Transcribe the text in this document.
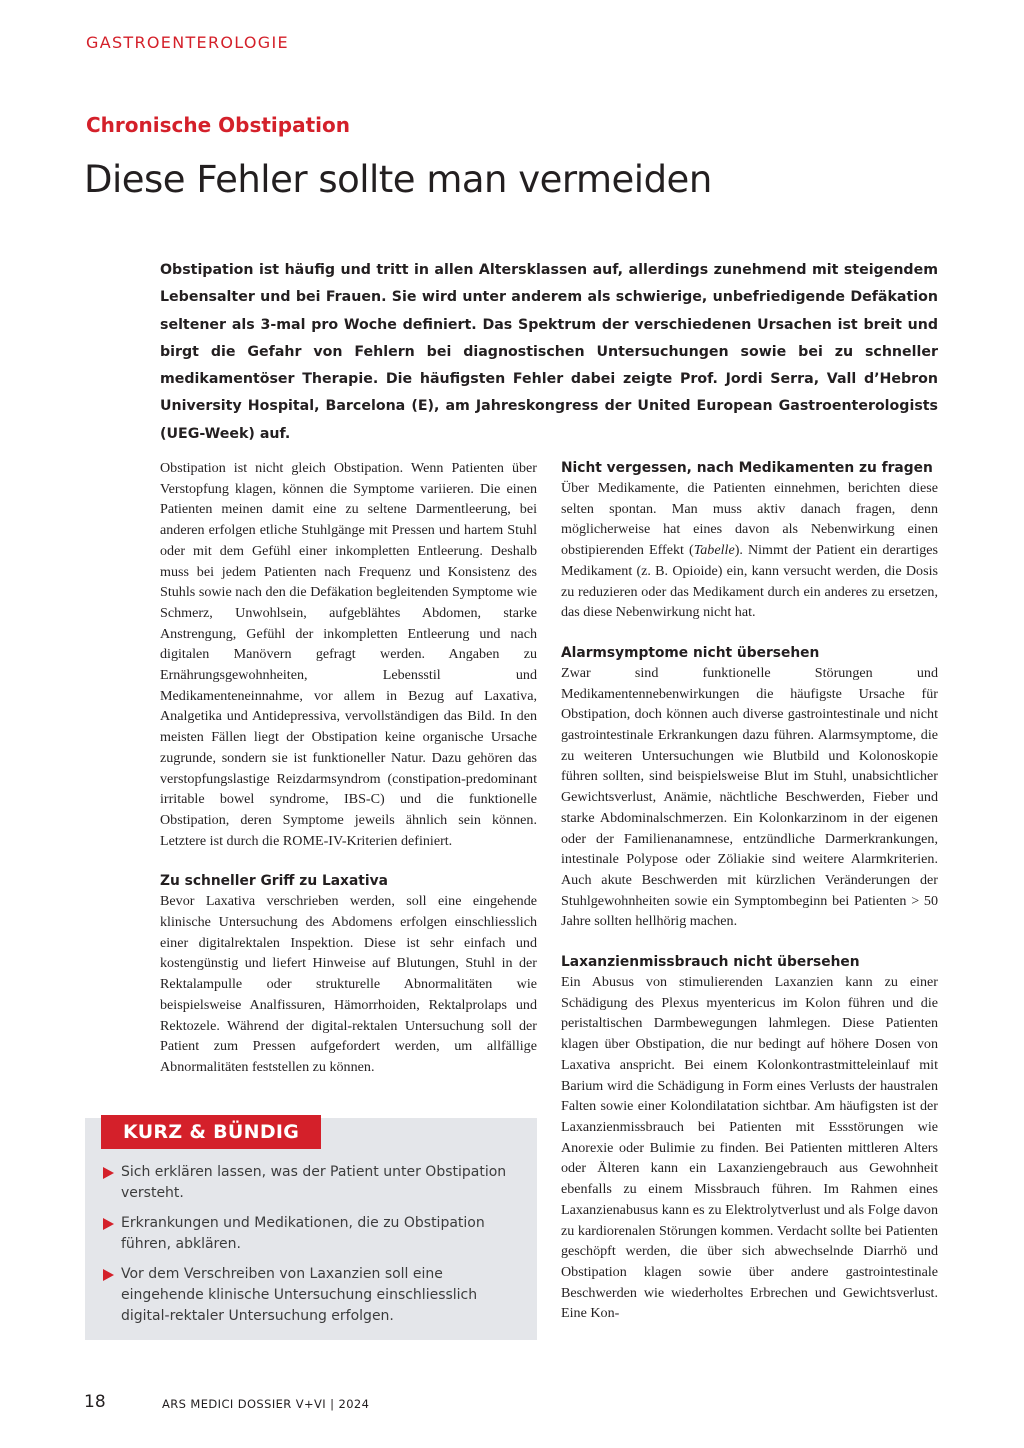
GASTROENTEROLOGIE
Chronische Obstipation
Diese Fehler sollte man vermeiden

Obstipation ist häufig und tritt in allen Altersklassen auf, allerdings zunehmend mit steigendem Lebensalter und bei Frauen. Sie wird unter anderem als schwierige, unbefriedigende Defäkation seltener als 3-mal pro Woche definiert. Das Spektrum der verschiedenen Ursachen ist breit und birgt die Gefahr von Fehlern bei diagnostischen Untersuchungen sowie bei zu schneller medikamentöser Therapie. Die häufigsten Fehler dabei zeigte Prof. Jordi Serra, Vall d’Hebron University Hospital, Barcelona (E), am Jahreskongress der United European Gastroenterologists (UEG-Week) auf.

Obstipation ist nicht gleich Obstipation. Wenn Patienten über Verstopfung klagen, können die Symptome variieren. Die einen Patienten meinen damit eine zu seltene Darmentleerung, bei anderen erfolgen etliche Stuhlgänge mit Pressen und hartem Stuhl oder mit dem Gefühl einer inkompletten Entleerung. Deshalb muss bei jedem Patienten nach Frequenz und Konsistenz des Stuhls sowie nach den die Defäkation begleitenden Symptome wie Schmerz, Unwohlsein, aufgeblähtes Abdomen, starke Anstrengung, Gefühl der inkompletten Entleerung und nach digitalen Manövern gefragt werden. Angaben zu Ernährungsgewohnheiten, Lebensstil und Medikamenteneinnahme, vor allem in Bezug auf Laxativa, Analgetika und Antidepressiva, vervollständigen das Bild. In den meisten Fällen liegt der Obstipation keine organische Ursache zugrunde, sondern sie ist funktioneller Natur. Dazu gehören das verstopfungslastige Reizdarmsyndrom (constipation-predominant irritable bowel syndrome, IBS-C) und die funktionelle Obstipation, deren Symptome jeweils ähnlich sein können. Letztere ist durch die ROME-IV-Kriterien definiert.

Zu schneller Griff zu Laxativa

Bevor Laxativa verschrieben werden, soll eine eingehende klinische Untersuchung des Abdomens erfolgen einschliesslich einer digitalrektalen Inspektion. Diese ist sehr einfach und kostengünstig und liefert Hinweise auf Blutungen, Stuhl in der Rektalampulle oder strukturelle Abnormalitäten wie beispielsweise Analfissuren, Hämorrhoiden, Rektalprolaps und Rektozele. Während der digital-rektalen Untersuchung soll der Patient zum Pressen aufgefordert werden, um allfällige Abnormalitäten feststellen zu können.

Nicht vergessen, nach Medikamenten zu fragen

Über Medikamente, die Patienten einnehmen, berichten diese selten spontan. Man muss aktiv danach fragen, denn möglicherweise hat eines davon als Nebenwirkung einen obstipierenden Effekt (Tabelle). Nimmt der Patient ein derartiges Medikament (z. B. Opioide) ein, kann versucht werden, die Dosis zu reduzieren oder das Medikament durch ein anderes zu ersetzen, das diese Nebenwirkung nicht hat.

Alarmsymptome nicht übersehen

Zwar sind funktionelle Störungen und Medikamentennebenwirkungen die häufigste Ursache für Obstipation, doch können auch diverse gastrointestinale und nicht gastrointestinale Erkrankungen dazu führen. Alarmsymptome, die zu weiteren Untersuchungen wie Blutbild und Kolonoskopie führen sollten, sind beispielsweise Blut im Stuhl, unabsichtlicher Gewichtsverlust, Anämie, nächtliche Beschwerden, Fieber und starke Abdominalschmerzen. Ein Kolonkarzinom in der eigenen oder der Familienanamnese, entzündliche Darmerkrankungen, intestinale Polypose oder Zöliakie sind weitere Alarmkriterien. Auch akute Beschwerden mit kürzlichen Veränderungen der Stuhlgewohnheiten sowie ein Symptombeginn bei Patienten > 50 Jahre sollten hellhörig machen.

Laxanzienmissbrauch nicht übersehen

Ein Abusus von stimulierenden Laxanzien kann zu einer Schädigung des Plexus myentericus im Kolon führen und die peristaltischen Darmbewegungen lahmlegen. Diese Patienten klagen über Obstipation, die nur bedingt auf höhere Dosen von Laxativa anspricht. Bei einem Kolonkontrastmitteleinlauf mit Barium wird die Schädigung in Form eines Verlusts der haustralen Falten sowie einer Kolondilatation sichtbar. Am häufigsten ist der Laxanzienmissbrauch bei Patienten mit Essstörungen wie Anorexie oder Bulimie zu finden. Bei Patienten mittleren Alters oder Älteren kann ein Laxanziengebrauch aus Gewohnheit ebenfalls zu einem Missbrauch führen. Im Rahmen eines Laxanzienabusus kann es zu Elektrolytverlust und als Folge davon zu kardiorenalen Störungen kommen. Verdacht sollte bei Patienten geschöpft werden, die über sich abwechselnde Diarrhö und Obstipation klagen sowie über andere gastrointestinale Beschwerden wie wiederholtes Erbrechen und Gewichtsverlust. Eine Kon-

KURZ & BÜNDIG
Sich erklären lassen, was der Patient unter Obstipation versteht.
Erkrankungen und Medikationen, die zu Obstipation führen, abklären.
Vor dem Verschreiben von Laxanzien soll eine eingehende klinische Untersuchung einschliesslich digital-rektaler Untersuchung erfolgen.
18	ARS MEDICI DOSSIER V+VI | 2024
